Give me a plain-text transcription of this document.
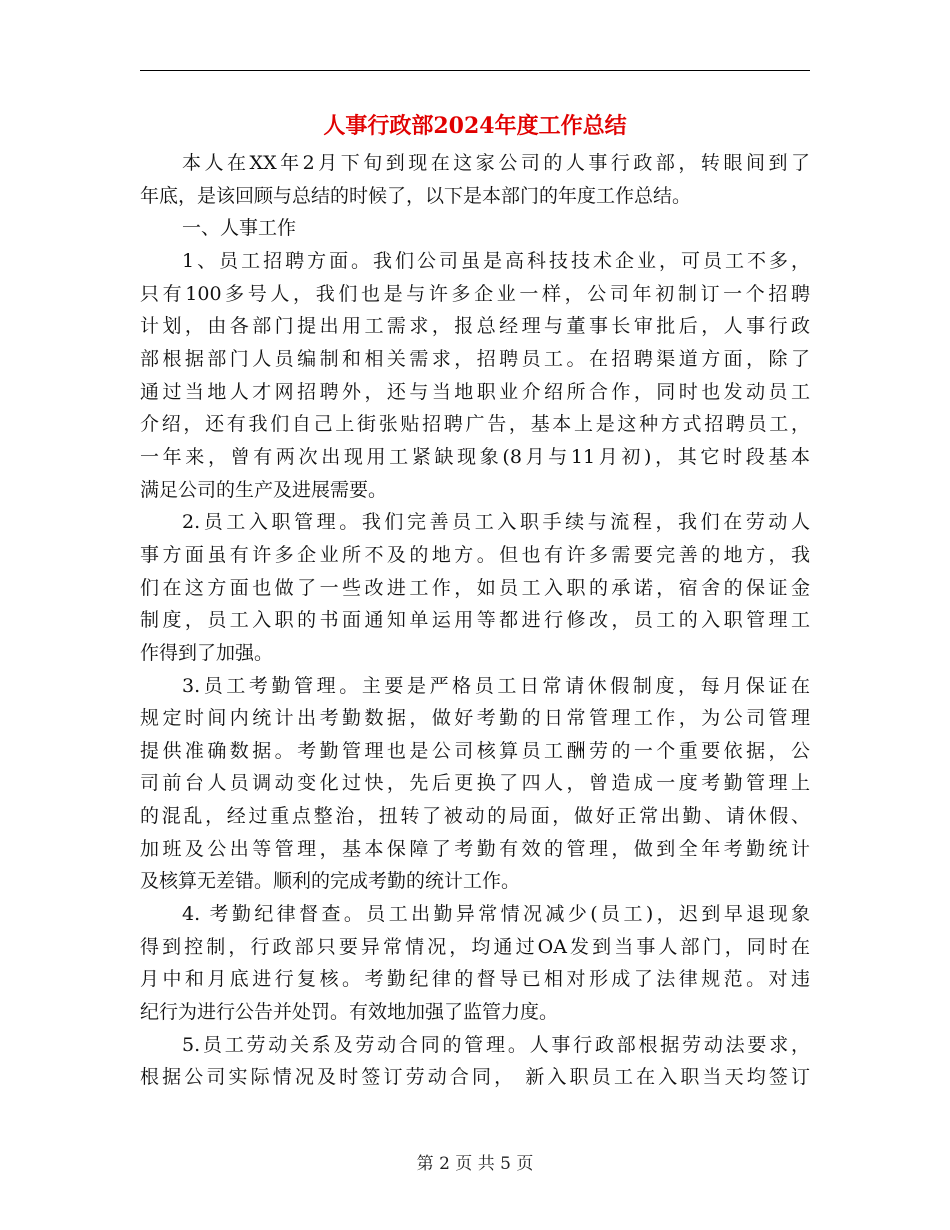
人事行政部2024年度工作总结
本人在XX年2月下旬到现在这家公司的人事行政部，转眼间到了
年底，是该回顾与总结的时候了，以下是本部门的年度工作总结。
一、人事工作
1、员工招聘方面。我们公司虽是高科技技术企业，可员工不多，
只有100多号人，我们也是与许多企业一样，公司年初制订一个招聘
计划，由各部门提出用工需求，报总经理与董事长审批后，人事行政
部根据部门人员编制和相关需求，招聘员工。在招聘渠道方面，除了
通过当地人才网招聘外，还与当地职业介绍所合作，同时也发动员工
介绍，还有我们自己上街张贴招聘广告，基本上是这种方式招聘员工，
一年来，曾有两次出现用工紧缺现象(8月与11月初)，其它时段基本
满足公司的生产及进展需要。
2.员工入职管理。我们完善员工入职手续与流程，我们在劳动人
事方面虽有许多企业所不及的地方。但也有许多需要完善的地方，我
们在这方面也做了一些改进工作，如员工入职的承诺，宿舍的保证金
制度，员工入职的书面通知单运用等都进行修改，员工的入职管理工
作得到了加强。
3.员工考勤管理。主要是严格员工日常请休假制度，每月保证在
规定时间内统计出考勤数据，做好考勤的日常管理工作，为公司管理
提供准确数据。考勤管理也是公司核算员工酬劳的一个重要依据，公
司前台人员调动变化过快，先后更换了四人，曾造成一度考勤管理上
的混乱，经过重点整治，扭转了被动的局面，做好正常出勤、请休假、
加班及公出等管理，基本保障了考勤有效的管理，做到全年考勤统计
及核算无差错。顺利的完成考勤的统计工作。
4. 考勤纪律督查。员工出勤异常情况减少(员工)，迟到早退现象
得到控制，行政部只要异常情况，均通过OA发到当事人部门，同时在
月中和月底进行复核。考勤纪律的督导已相对形成了法律规范。对违
纪行为进行公告并处罚。有效地加强了监管力度。
5.员工劳动关系及劳动合同的管理。人事行政部根据劳动法要求，
根据公司实际情况及时签订劳动合同， 新入职员工在入职当天均签订
第 2 页 共 5 页
